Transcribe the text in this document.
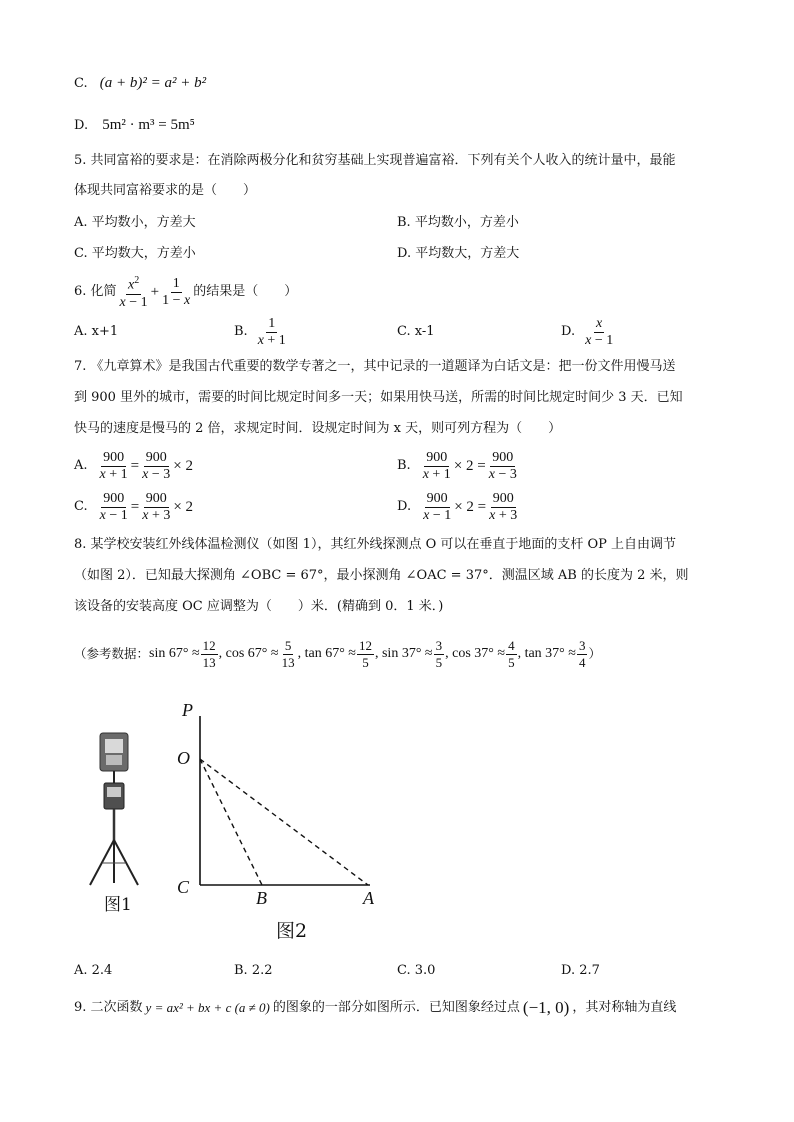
C. (a + b)² = a² + b²
D. 5m² · m³ = 5m⁵
5. 共同富裕的要求是：在消除两极分化和贫穷基础上实现普遍富裕．下列有关个人收入的统计量中，最能
体现共同富裕要求的是（　　）
A. 平均数小，方差大	B. 平均数小，方差小
C. 平均数大，方差小	D. 平均数大，方差大
6. 化简 $\frac{x^2}{x - 1} + \frac{1}{1 - x}$ 的结果是（　　）
A. x+1	B. $\frac{1}{x + 1}$	C. x-1	D. $\frac{x}{x - 1}$
7. 《九章算术》是我国古代重要的数学专著之一，其中记录的一道题译为白话文是：把一份文件用慢马送
到 900 里外的城市，需要的时间比规定时间多一天；如果用快马送，所需的时间比规定时间少 3 天．已知
快马的速度是慢马的 2 倍，求规定时间．设规定时间为 x 天，则可列方程为（　　）
A. $\frac{900}{x + 1} = \frac{900}{x - 3} \times 2$	B. $\frac{900}{x + 1} \times 2 = \frac{900}{x - 3}$
C. $\frac{900}{x - 1} = \frac{900}{x + 3} \times 2$	D. $\frac{900}{x - 1} \times 2 = \frac{900}{x + 3}$
8. 某学校安装红外线体温检测仪（如图 1），其红外线探测点 O 可以在垂直于地面的支杆 OP 上自由调节
（如图 2）．已知最大探测角 ∠OBC = 67°，最小探测角 ∠OAC = 37°．测温区域 AB 的长度为 2 米，则
该设备的安装高度 OC 应调整为（　　）米．(精确到 0．1 米．)
（参考数据： $\sin 67^\circ \approx \frac{12}{13}$ , $\cos 67^\circ \approx \frac{5}{13}$ , $\tan 67^\circ \approx \frac{12}{5}$ , $\sin 37^\circ \approx \frac{3}{5}$ , $\cos 37^\circ \approx \frac{4}{5}$ , $\tan 37^\circ \approx \frac{3}{4}$ ）
图1
P
O
C
B	A
图2
A. 2.4	B. 2.2	C. 3.0	D. 2.7
9. 二次函数 y = ax² + bx + c (a ≠ 0) 的图象的一部分如图所示．已知图象经过点 (−1, 0) ，其对称轴为直线
